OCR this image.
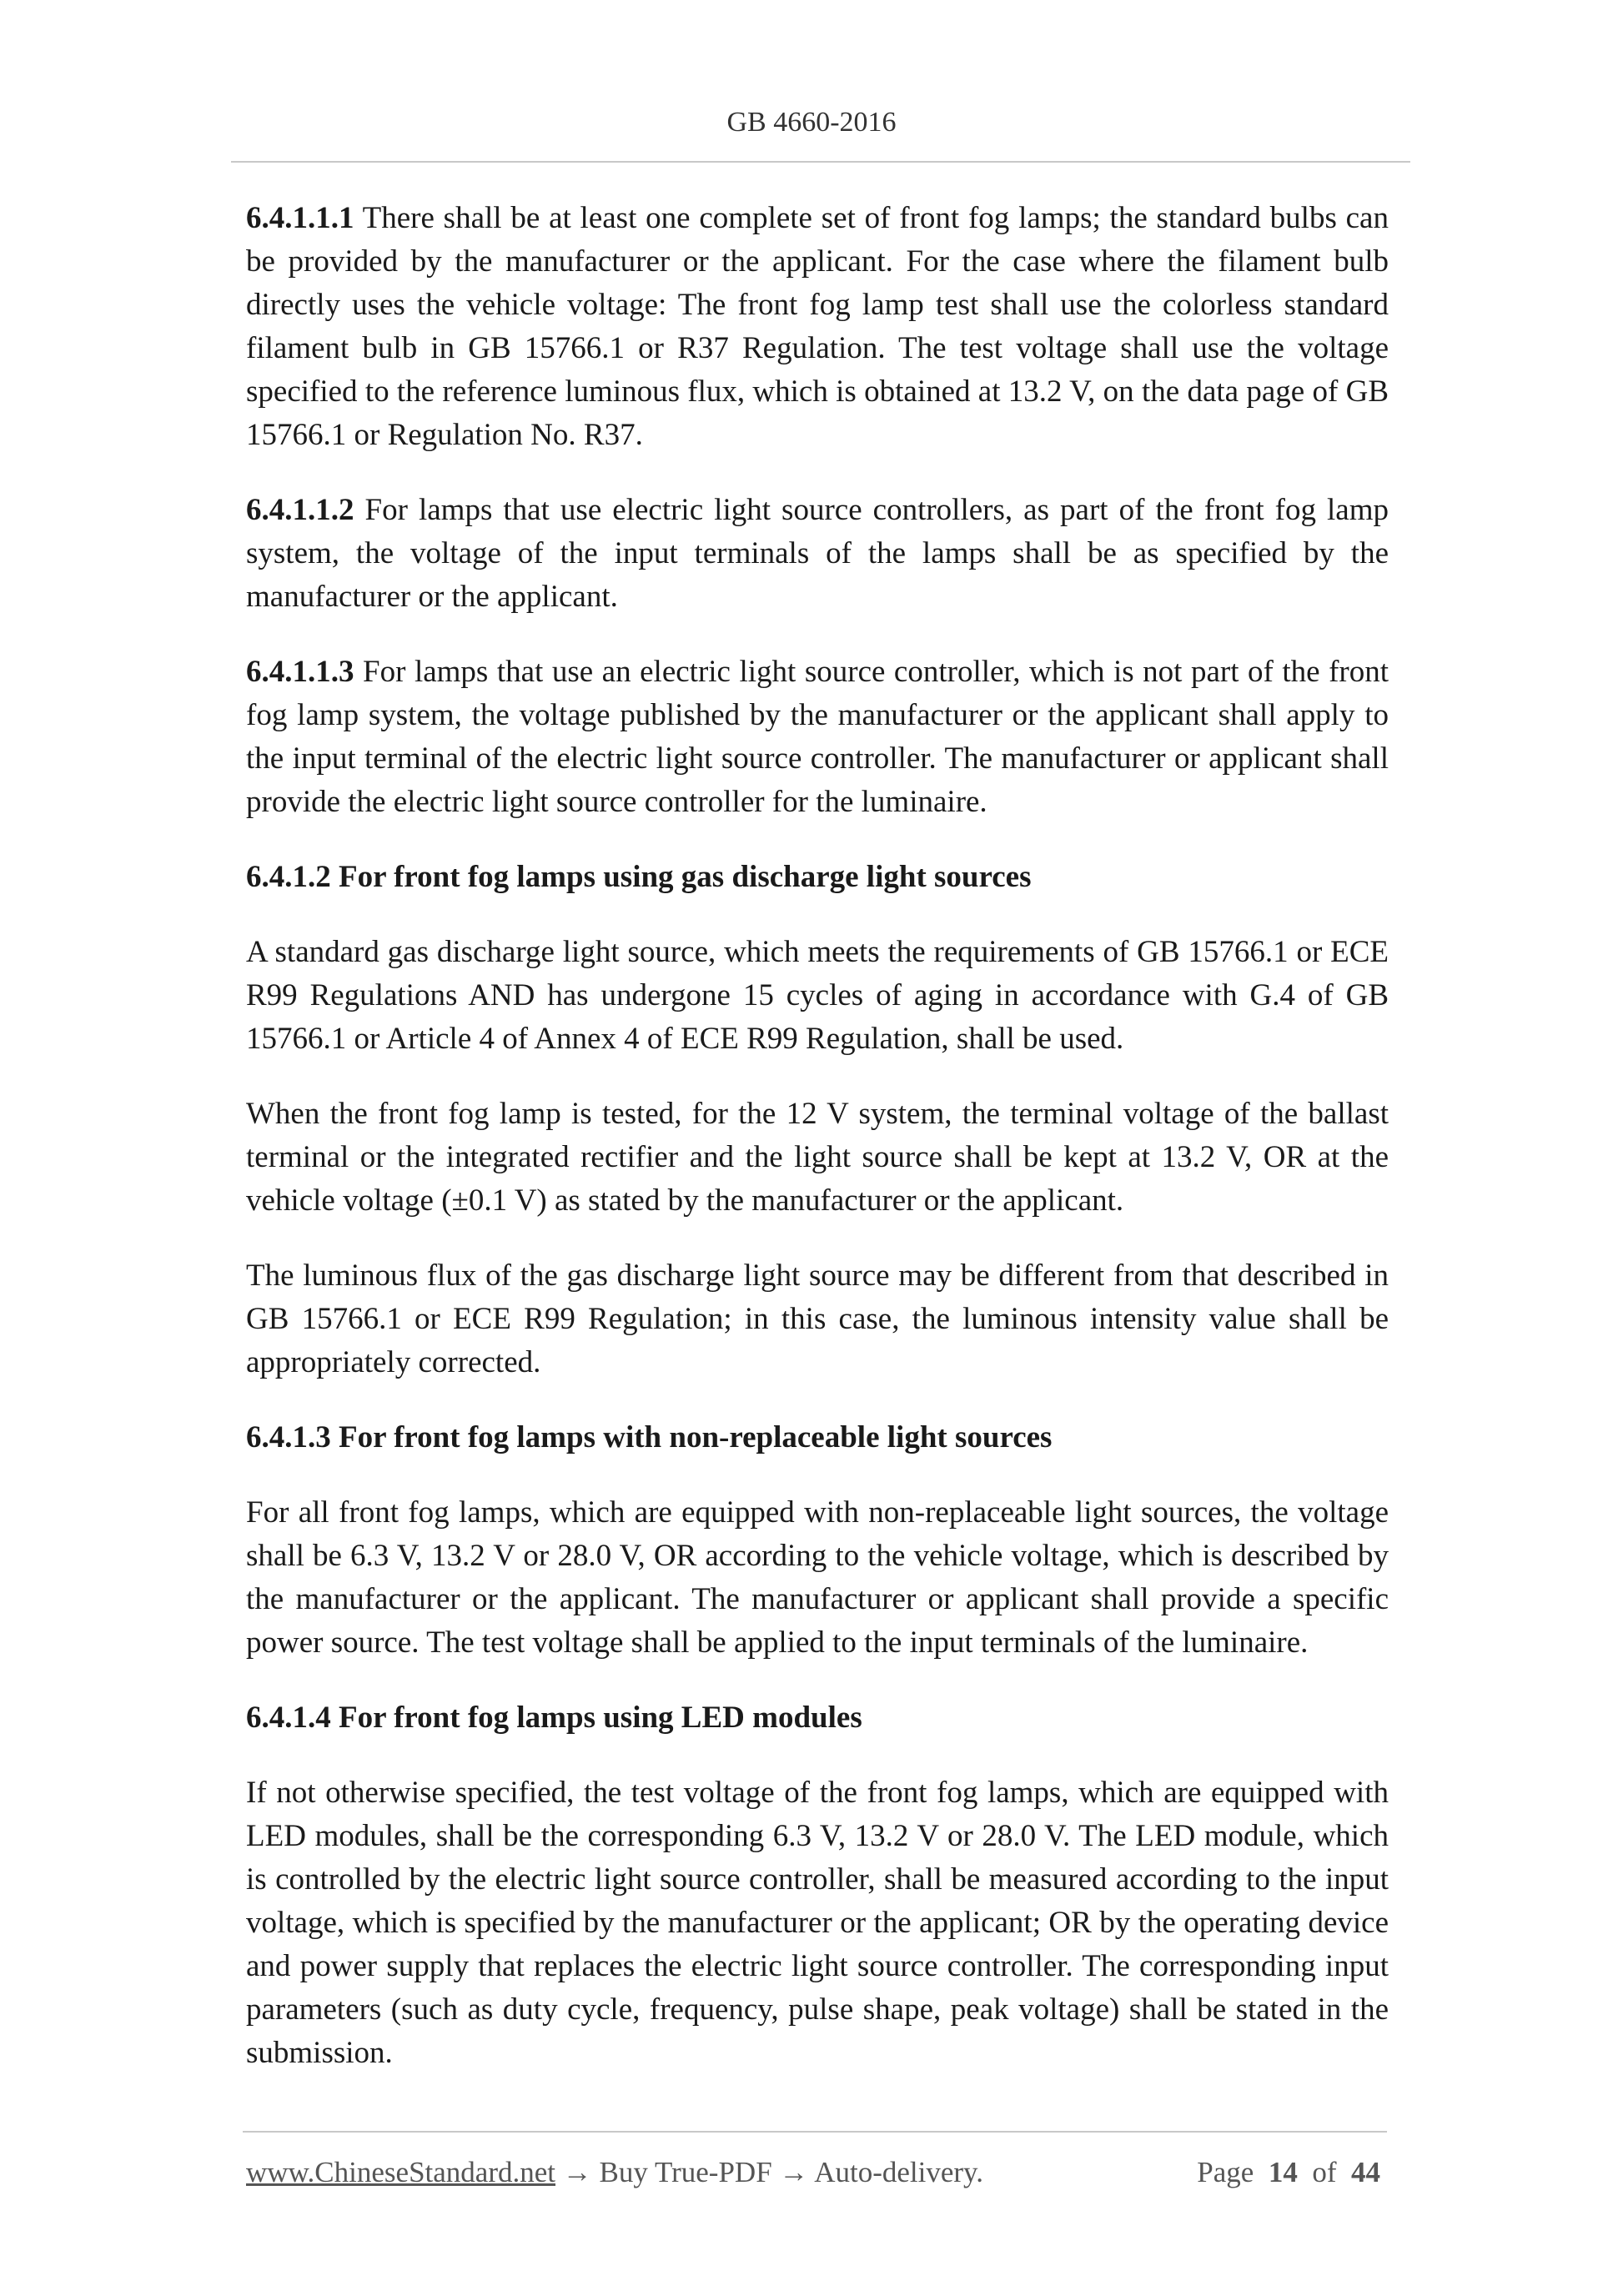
GB 4660-2016

6.4.1.1.1 There shall be at least one complete set of front fog lamps; the standard bulbs can be provided by the manufacturer or the applicant. For the case where the filament bulb directly uses the vehicle voltage: The front fog lamp test shall use the colorless standard filament bulb in GB 15766.1 or R37 Regulation. The test voltage shall use the voltage specified to the reference luminous flux, which is obtained at 13.2 V, on the data page of GB 15766.1 or Regulation No. R37.

6.4.1.1.2 For lamps that use electric light source controllers, as part of the front fog lamp system, the voltage of the input terminals of the lamps shall be as specified by the manufacturer or the applicant.

6.4.1.1.3 For lamps that use an electric light source controller, which is not part of the front fog lamp system, the voltage published by the manufacturer or the applicant shall apply to the input terminal of the electric light source controller. The manufacturer or applicant shall provide the electric light source controller for the luminaire.

6.4.1.2 For front fog lamps using gas discharge light sources

A standard gas discharge light source, which meets the requirements of GB 15766.1 or ECE R99 Regulations AND has undergone 15 cycles of aging in accordance with G.4 of GB 15766.1 or Article 4 of Annex 4 of ECE R99 Regulation, shall be used.

When the front fog lamp is tested, for the 12 V system, the terminal voltage of the ballast terminal or the integrated rectifier and the light source shall be kept at 13.2 V, OR at the vehicle voltage (±0.1 V) as stated by the manufacturer or the applicant.

The luminous flux of the gas discharge light source may be different from that described in GB 15766.1 or ECE R99 Regulation; in this case, the luminous intensity value shall be appropriately corrected.

6.4.1.3 For front fog lamps with non-replaceable light sources

For all front fog lamps, which are equipped with non-replaceable light sources, the voltage shall be 6.3 V, 13.2 V or 28.0 V, OR according to the vehicle voltage, which is described by the manufacturer or the applicant. The manufacturer or applicant shall provide a specific power source. The test voltage shall be applied to the input terminals of the luminaire.

6.4.1.4 For front fog lamps using LED modules

If not otherwise specified, the test voltage of the front fog lamps, which are equipped with LED modules, shall be the corresponding 6.3 V, 13.2 V or 28.0 V. The LED module, which is controlled by the electric light source controller, shall be measured according to the input voltage, which is specified by the manufacturer or the applicant; OR by the operating device and power supply that replaces the electric light source controller. The corresponding input parameters (such as duty cycle, frequency, pulse shape, peak voltage) shall be stated in the submission.

www.ChineseStandard.net → Buy True-PDF → Auto-delivery.	Page 14 of 44
